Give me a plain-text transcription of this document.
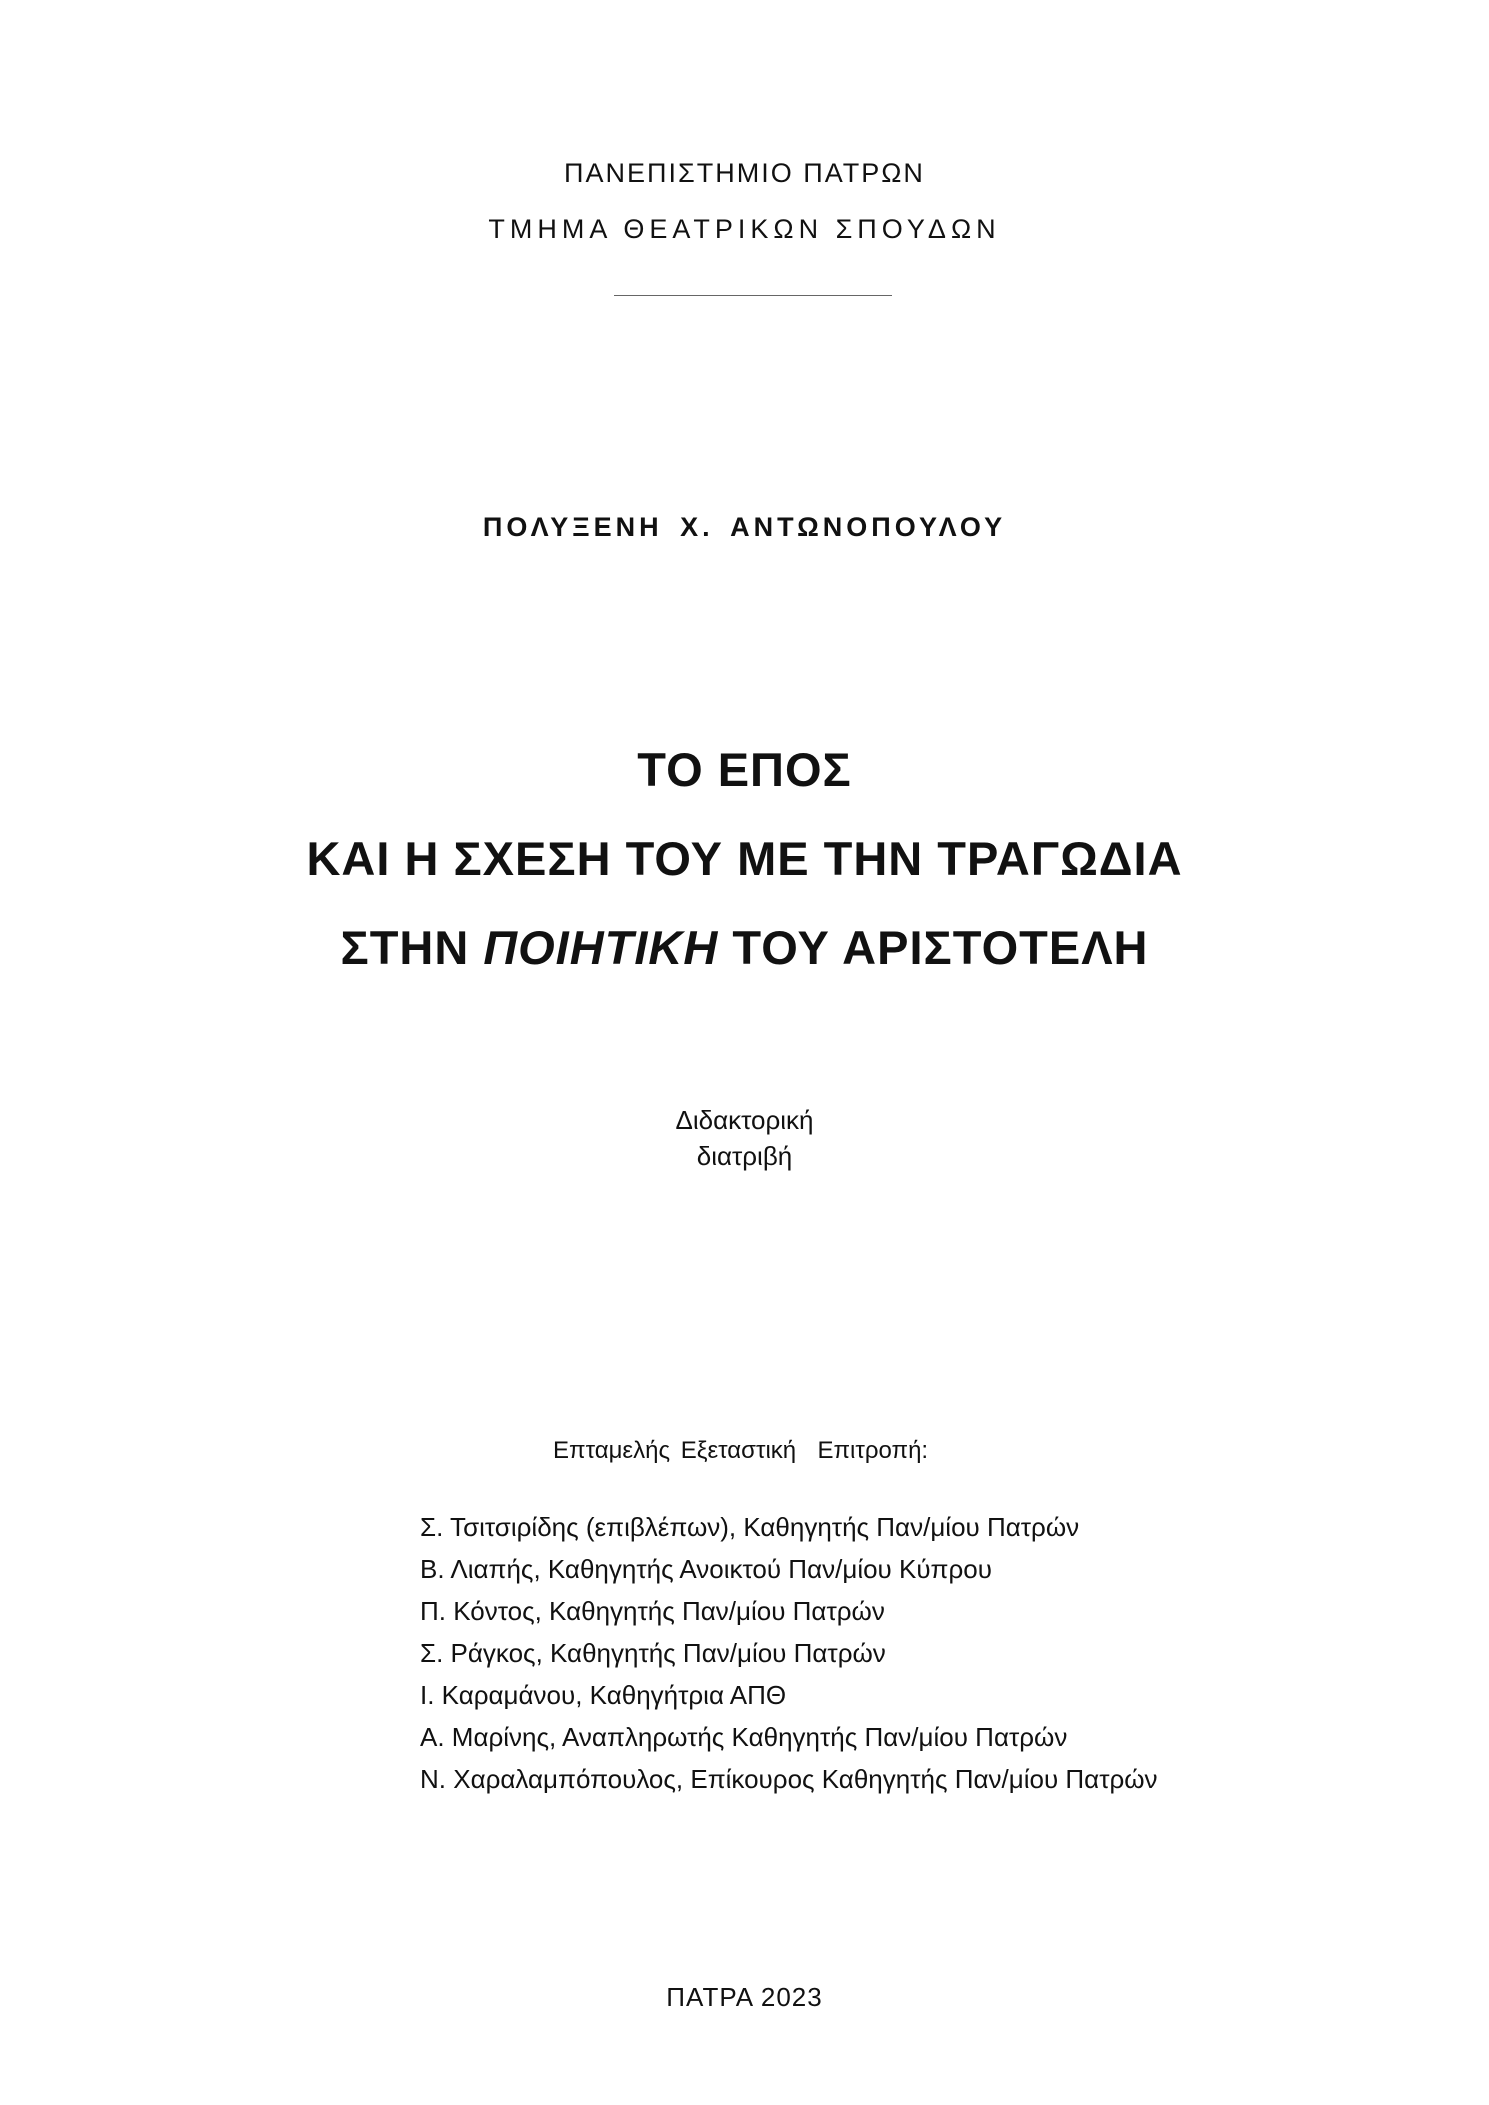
ΠΑΝΕΠΙΣΤΗΜΙΟ ΠΑΤΡΩΝ
ΤΜΗΜΑ ΘΕΑΤΡΙΚΩΝ ΣΠΟΥΔΩΝ
ΠΟΛΥΞΕΝΗ Χ. ΑΝΤΩΝΟΠΟΥΛΟΥ
ΤΟ ΕΠΟΣ
ΚΑΙ Η ΣΧΕΣΗ ΤΟΥ ΜΕ ΤΗΝ ΤΡΑΓΩΔΙΑ
ΣΤΗΝ ΠΟΙΗΤΙΚΗ ΤΟΥ ΑΡΙΣΤΟΤΕΛΗ
Διδακτορική
διατριβή
Επταμελής Εξεταστική  Επιτροπή:
Σ. Τσιτσιρίδης (επιβλέπων), Καθηγητής Παν/μίου Πατρών
Β. Λιαπής, Καθηγητής Ανοικτού Παν/μίου Κύπρου
Π. Κόντος, Καθηγητής Παν/μίου Πατρών
Σ. Ράγκος, Καθηγητής Παν/μίου Πατρών
Ι. Καραμάνου, Καθηγήτρια ΑΠΘ
Α. Μαρίνης, Αναπληρωτής Καθηγητής Παν/μίου Πατρών
Ν. Χαραλαμπόπουλος, Επίκουρος Καθηγητής Παν/μίου Πατρών
ΠΑΤΡΑ 2023
